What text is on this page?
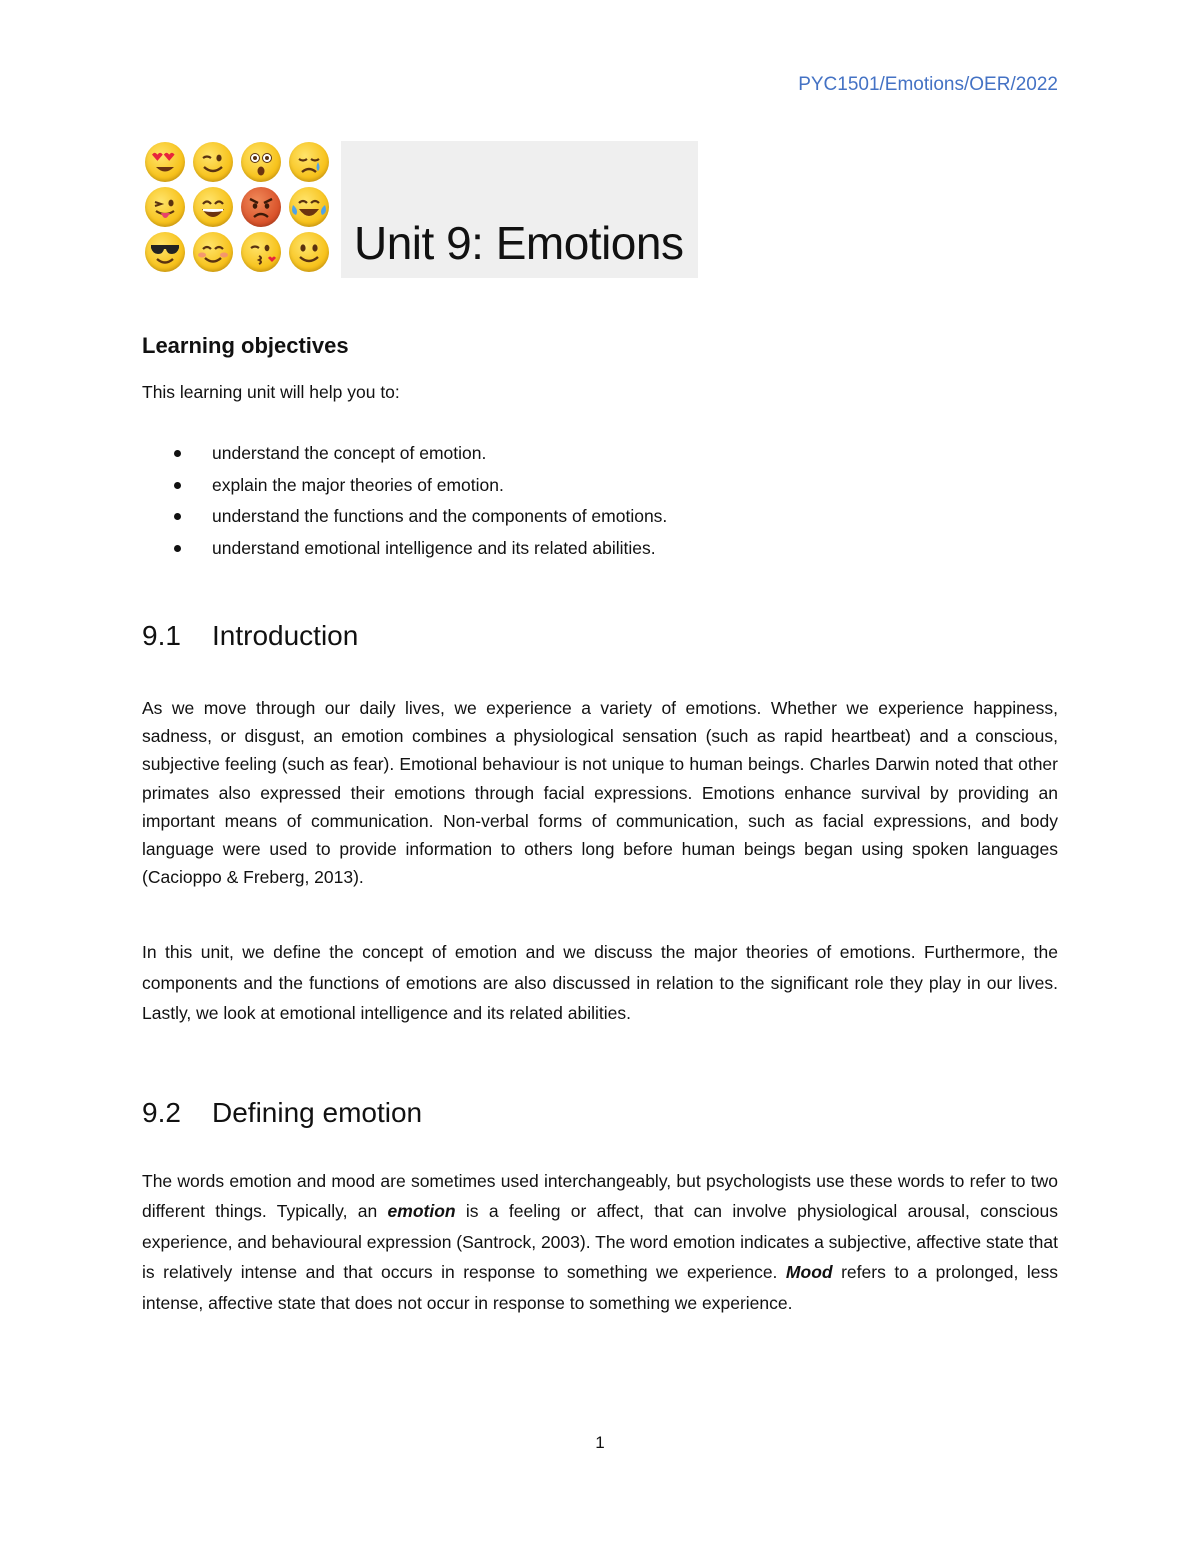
PYC1501/Emotions/OER/2022
Unit 9: Emotions
Learning objectives
This learning unit will help you to:
understand the concept of emotion.
explain the major theories of emotion.
understand the functions and the components of emotions.
understand emotional intelligence and its related abilities.
9.1 Introduction

As we move through our daily lives, we experience a variety of emotions. Whether we experience happiness, sadness, or disgust, an emotion combines a physiological sensation (such as rapid heartbeat) and a conscious, subjective feeling (such as fear). Emotional behaviour is not unique to human beings. Charles Darwin noted that other primates also expressed their emotions through facial expressions. Emotions enhance survival by providing an important means of communication. Non-verbal forms of communication, such as facial expressions, and body language were used to provide information to others long before human beings began using spoken languages (Cacioppo & Freberg, 2013).

In this unit, we define the concept of emotion and we discuss the major theories of emotions. Furthermore, the components and the functions of emotions are also discussed in relation to the significant role they play in our lives. Lastly, we look at emotional intelligence and its related abilities.

9.2 Defining emotion

The words emotion and mood are sometimes used interchangeably, but psychologists use these words to refer to two different things. Typically, an emotion is a feeling or affect, that can involve physiological arousal, conscious experience, and behavioural expression (Santrock, 2003). The word emotion indicates a subjective, affective state that is relatively intense and that occurs in response to something we experience. Mood refers to a prolonged, less intense, affective state that does not occur in response to something we experience.

1
